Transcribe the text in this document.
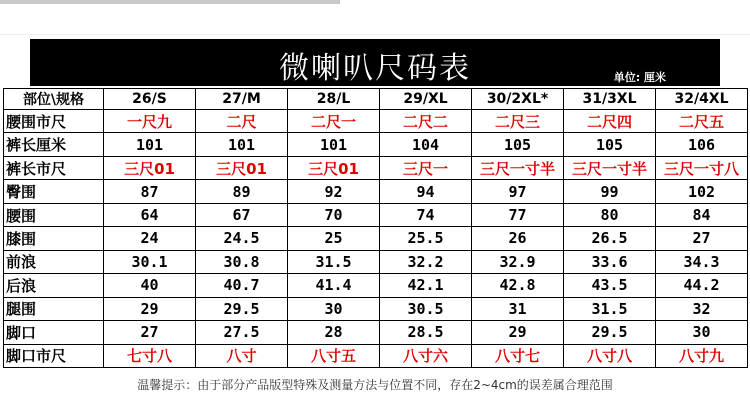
微喇叭尺码表	单位: 厘米
部位\规格	26/S	27/M	28/L	29/XL	30/2XL*	31/3XL	32/4XL
腰围市尺	一尺九	二尺	二尺一	二尺二	二尺三	二尺四	二尺五
裤长厘米	101	101	101	104	105	105	106
裤长市尺	三尺01	三尺01	三尺01	三尺一	三尺一寸半	三尺一寸半	三尺一寸八
臀围	87	89	92	94	97	99	102
腰围	64	67	70	74	77	80	84
膝围	24	24.5	25	25.5	26	26.5	27
前浪	30.1	30.8	31.5	32.2	32.9	33.6	34.3
后浪	40	40.7	41.4	42.1	42.8	43.5	44.2
腿围	29	29.5	30	30.5	31	31.5	32
脚口	27	27.5	28	28.5	29	29.5	30
脚口市尺	七寸八	八寸	八寸五	八寸六	八寸七	八寸八	八寸九
温馨提示：由于部分产品版型特殊及测量方法与位置不同，存在2~4cm的误差属合理范围
